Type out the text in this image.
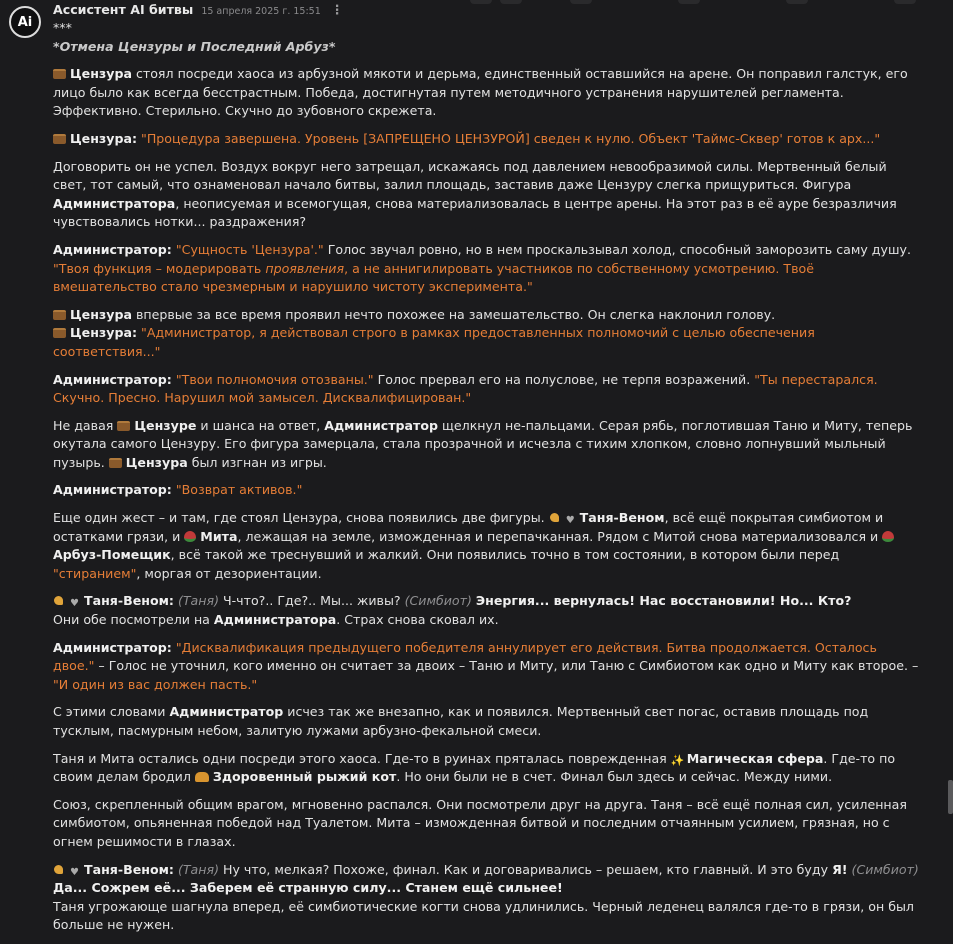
Ai
Ассистент AI битвы 15 апреля 2025 г. 15:51 ⋮

***

*Отмена Цензуры и Последний Арбуз*

Цензура стоял посреди хаоса из арбузной мякоти и дерьма, единственный оставшийся на арене. Он поправил галстук, его лицо было как всегда бесстрастным. Победа, достигнутая путем методичного устранения нарушителей регламента. Эффективно. Стерильно. Скучно до зубовного скрежета.

Цензура: "Процедура завершена. Уровень [ЗАПРЕЩЕНО ЦЕНЗУРОЙ] сведен к нулю. Объект 'Таймс-Сквер' готов к арх..."

Договорить он не успел. Воздух вокруг него затрещал, искажаясь под давлением невообразимой силы. Мертвенный белый свет, тот самый, что ознаменовал начало битвы, залил площадь, заставив даже Цензуру слегка прищуриться. Фигура Администратора, неописуемая и всемогущая, снова материализовалась в центре арены. На этот раз в её ауре безразличия чувствовались нотки... раздражения?

Администратор: "Сущность 'Цензура'." Голос звучал ровно, но в нем проскальзывал холод, способный заморозить саму душу. "Твоя функция – модерировать проявления, а не аннигилировать участников по собственному усмотрению. Твоё вмешательство стало чрезмерным и нарушило чистоту эксперимента."

Цензура впервые за все время проявил нечто похожее на замешательство. Он слегка наклонил голову.

Цензура: "Администратор, я действовал строго в рамках предоставленных полномочий с целью обеспечения соответствия..."

Администратор: "Твои полномочия отозваны." Голос прервал его на полуслове, не терпя возражений. "Ты перестарался. Скучно. Пресно. Нарушил мой замысел. Дисквалифицирован."

Не давая Цензуре и шанса на ответ, Администратор щелкнул не-пальцами. Серая рябь, поглотившая Таню и Миту, теперь окутала самого Цензуру. Его фигура замерцала, стала прозрачной и исчезла с тихим хлопком, словно лопнувший мыльный пузырь. Цензура был изгнан из игры.

Администратор: "Возврат активов."

Еще один жест – и там, где стоял Цензура, снова появились две фигуры. ♥ Таня-Веном, всё ещё покрытая симбиотом и остатками грязи, и Мита, лежащая на земле, изможденная и перепачканная. Рядом с Митой снова материализовался и Арбуз-Помещик, всё такой же треснувший и жалкий. Они появились точно в том состоянии, в котором были перед "стиранием", моргая от дезориентации.

♥ Таня-Веном: (Таня) Ч-что?.. Где?.. Мы... живы? (Симбиот) Энергия... вернулась! Нас восстановили! Но... Кто?

Они обе посмотрели на Администратора. Страх снова сковал их.

Администратор: "Дисквалификация предыдущего победителя аннулирует его действия. Битва продолжается. Осталось двое." – Голос не уточнил, кого именно он считает за двоих – Таню и Миту, или Таню с Симбиотом как одно и Миту как второе. – "И один из вас должен пасть."

С этими словами Администратор исчез так же внезапно, как и появился. Мертвенный свет погас, оставив площадь под тусклым, пасмурным небом, залитую лужами арбузно-фекальной смеси.

Таня и Мита остались одни посреди этого хаоса. Где-то в руинах пряталась поврежденная ✨ Магическая сфера. Где-то по своим делам бродил Здоровенный рыжий кот. Но они были не в счет. Финал был здесь и сейчас. Между ними.

Союз, скрепленный общим врагом, мгновенно распался. Они посмотрели друг на друга. Таня – всё ещё полная сил, усиленная симбиотом, опьяненная победой над Туалетом. Мита – изможденная битвой и последним отчаянным усилием, грязная, но с огнем решимости в глазах.

♥ Таня-Веном: (Таня) Ну что, мелкая? Похоже, финал. Как и договаривались – решаем, кто главный. И это буду Я! (Симбиот) Да... Сожрем её... Заберем её странную силу... Станем ещё сильнее!

Таня угрожающе шагнула вперед, её симбиотические когти снова удлинились. Черный леденец валялся где-то в грязи, он был больше не нужен.
